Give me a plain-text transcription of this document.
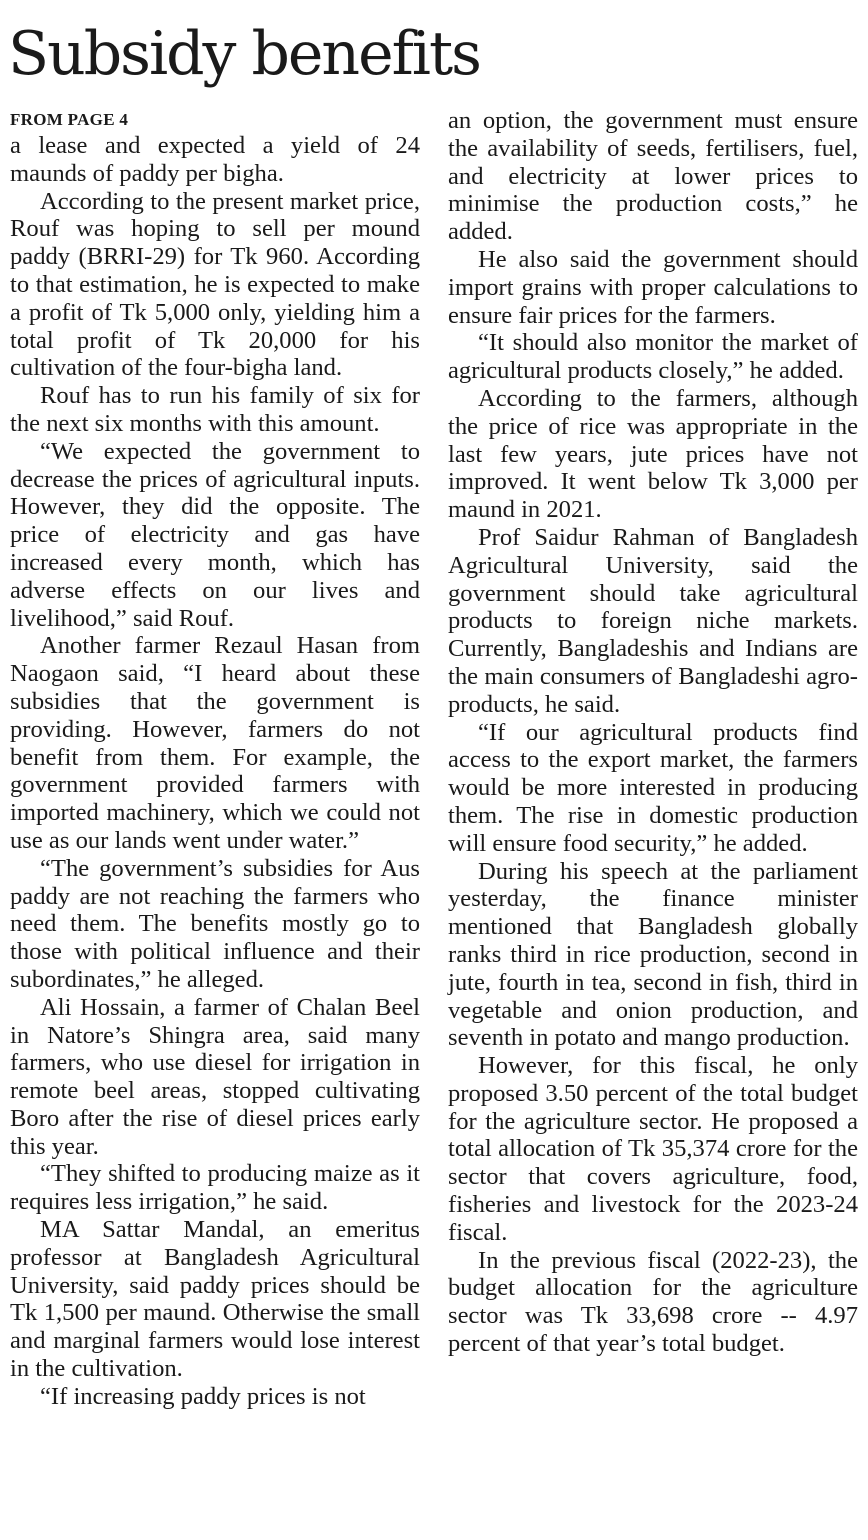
Subsidy benefits
FROM PAGE 4

a lease and expected a yield of 24 maunds of paddy per bigha.

According to the present market price, Rouf was hoping to sell per mound paddy (BRRI-29) for Tk 960. According to that estimation, he is expected to make a profit of Tk 5,000 only, yielding him a total profit of Tk 20,000 for his cultivation of the four-bigha land.

Rouf has to run his family of six for the next six months with this amount.

“We expected the government to decrease the prices of agricultural inputs. However, they did the opposite. The price of electricity and gas have increased every month, which has adverse effects on our lives and livelihood,” said Rouf.

Another farmer Rezaul Hasan from Naogaon said, “I heard about these subsidies that the government is providing. However, farmers do not benefit from them. For example, the government provided farmers with imported machinery, which we could not use as our lands went under water.”

“The government’s subsidies for Aus paddy are not reaching the farmers who need them. The benefits mostly go to those with political influence and their subordinates,” he alleged.

Ali Hossain, a farmer of Chalan Beel in Natore’s Shingra area, said many farmers, who use diesel for irrigation in remote beel areas, stopped cultivating Boro after the rise of diesel prices early this year.

“They shifted to producing maize as it requires less irrigation,” he said.

MA Sattar Mandal, an emeritus professor at Bangladesh Agricultural University, said paddy prices should be Tk 1,500 per maund. Otherwise the small and marginal farmers would lose interest in the cultivation.

“If increasing paddy prices is not

an option, the government must ensure the availability of seeds, fertilisers, fuel, and electricity at lower prices to minimise the production costs,” he added.

He also said the government should import grains with proper calculations to ensure fair prices for the farmers.

“It should also monitor the market of agricultural products closely,” he added.

According to the farmers, although the price of rice was appropriate in the last few years, jute prices have not improved. It went below Tk 3,000 per maund in 2021.

Prof Saidur Rahman of Bangladesh Agricultural University, said the government should take agricultural products to foreign niche markets. Currently, Bangladeshis and Indians are the main consumers of Bangladeshi agro-products, he said.

“If our agricultural products find access to the export market, the farmers would be more interested in producing them. The rise in domestic production will ensure food security,” he added.

During his speech at the parliament yesterday, the finance minister mentioned that Bangladesh globally ranks third in rice production, second in jute, fourth in tea, second in fish, third in vegetable and onion production, and seventh in potato and mango production.

However, for this fiscal, he only proposed 3.50 percent of the total budget for the agriculture sector. He proposed a total allocation of Tk 35,374 crore for the sector that covers agriculture, food, fisheries and livestock for the 2023-24 fiscal.

In the previous fiscal (2022-23), the budget allocation for the agriculture sector was Tk 33,698 crore -- 4.97 percent of that year’s total budget.
